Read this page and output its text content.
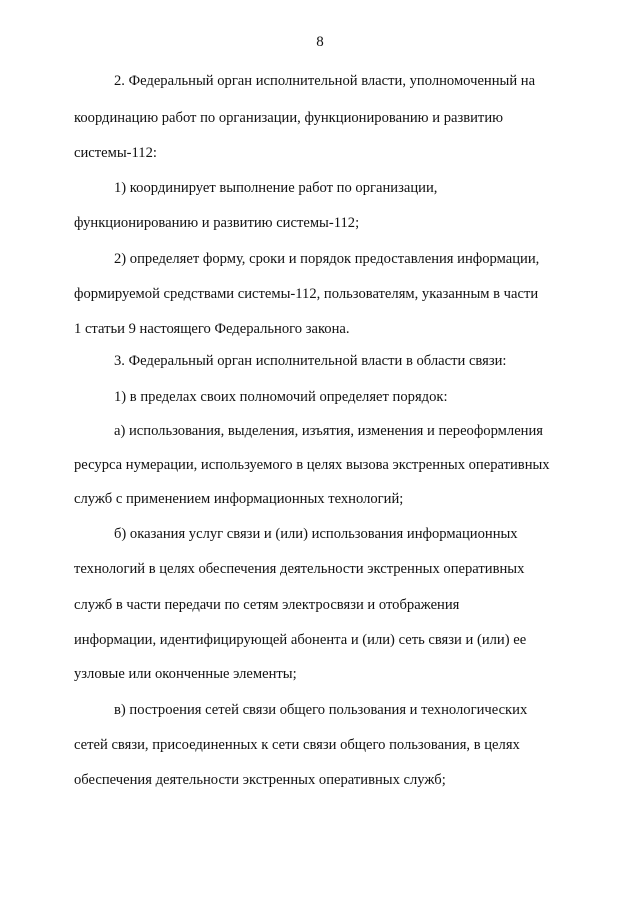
8
2. Федеральный орган исполнительной власти, уполномоченный на
координацию работ по организации, функционированию и развитию
системы-112:
1) координирует выполнение работ по организации,
функционированию и развитию системы-112;
2) определяет форму, сроки и порядок предоставления информации,
формируемой средствами системы-112, пользователям, указанным в части
1 статьи 9 настоящего Федерального закона.
3. Федеральный орган исполнительной власти в области связи:
1) в пределах своих полномочий определяет порядок:
а) использования, выделения, изъятия, изменения и переоформления
ресурса нумерации, используемого в целях вызова экстренных оперативных
служб с применением информационных технологий;
б) оказания услуг связи и (или) использования информационных
технологий в целях обеспечения деятельности экстренных оперативных
служб в части передачи по сетям электросвязи и отображения
информации, идентифицирующей абонента и (или) сеть связи и (или) ее
узловые или оконченные элементы;
в) построения сетей связи общего пользования и технологических
сетей связи, присоединенных к сети связи общего пользования, в целях
обеспечения деятельности экстренных оперативных служб;
